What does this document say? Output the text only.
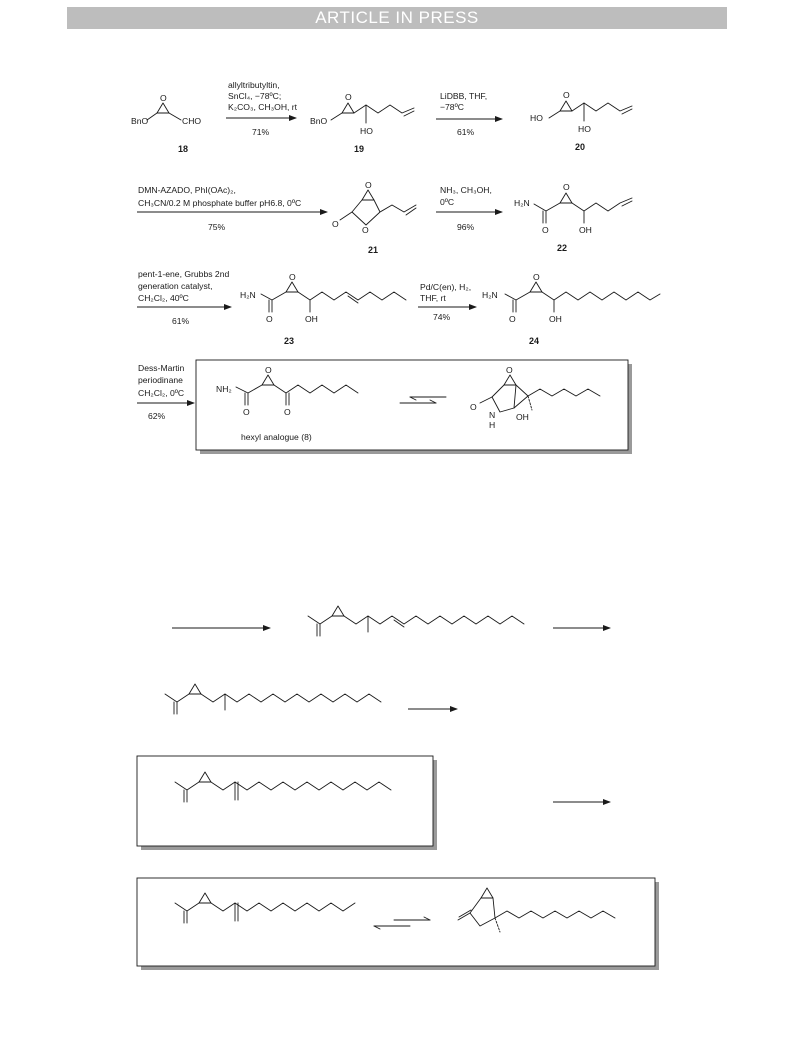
ARTICLE IN PRESS
O
BnO	CHO
18
allyltributyltin,
SnCl₄, −78ºC;
K₂CO₃, CH₃OH, rt
71%
O
BnO
HO
19
LiDBB, THF,
−78ºC
61%
O
HO
HO
20
DMN-AZADO, PhI(OAc)₂,
CH₃CN/0.2 M phosphate buffer pH6.8, 0ºC
75%
O
O
O
21
NH₃, CH₃OH,
0ºC
96%
O
H₂N
O	OH
22
pent-1-ene, Grubbs 2nd
generation catalyst,
CH₂Cl₂, 40ºC
61%
O
H₂N
O	OH
23
Pd/C(en), H₂,
THF, rt
74%
O
H₂N
O	OH
24
Dess-Martin
periodinane
CH₂Cl₂, 0ºC
62%
O
NH₂
O	O
O
O
N
H
OH
hexyl analogue (8)
